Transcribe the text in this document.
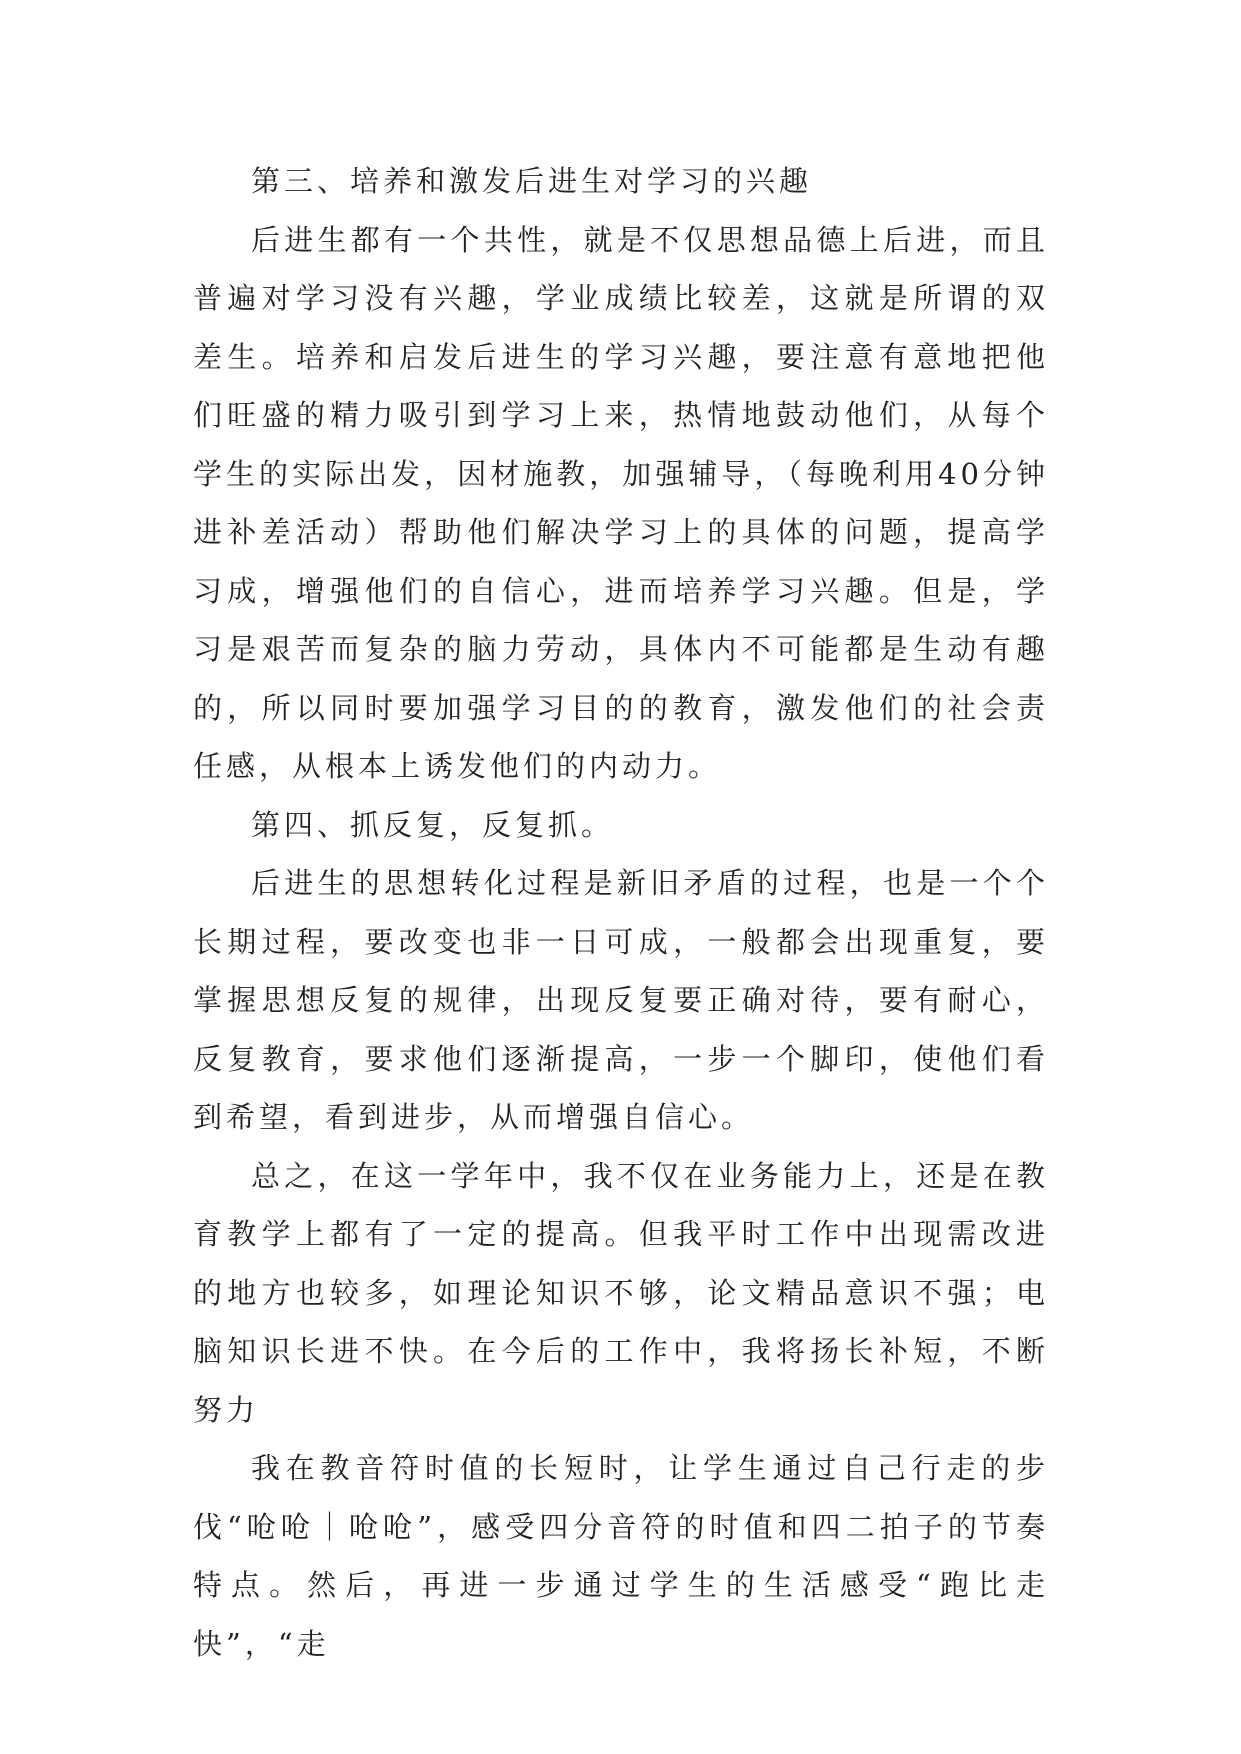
第三、培养和激发后进生对学习的兴趣

后进生都有一个共性，就是不仅思想品德上后进，而且普遍对学习没有兴趣，学业成绩比较差，这就是所谓的双差生。培养和启发后进生的学习兴趣，要注意有意地把他们旺盛的精力吸引到学习上来，热情地鼓动他们，从每个学生的实际出发，因材施教，加强辅导，（每晚利用40分钟进补差活动）帮助他们解决学习上的具体的问题，提高学习成，增强他们的自信心，进而培养学习兴趣。但是，学习是艰苦而复杂的脑力劳动，具体内不可能都是生动有趣的，所以同时要加强学习目的的教育，激发他们的社会责任感，从根本上诱发他们的内动力。

第四、抓反复，反复抓。

后进生的思想转化过程是新旧矛盾的过程，也是一个个长期过程，要改变也非一日可成，一般都会出现重复，要掌握思想反复的规律，出现反复要正确对待，要有耐心，反复教育，要求他们逐渐提高，一步一个脚印，使他们看到希望，看到进步，从而增强自信心。

总之，在这一学年中，我不仅在业务能力上，还是在教育教学上都有了一定的提高。但我平时工作中出现需改进的地方也较多，如理论知识不够，论文精品意识不强；电脑知识长进不快。在今后的工作中，我将扬长补短，不断努力

我在教音符时值的长短时，让学生通过自己行走的步伐“呛呛｜呛呛”，感受四分音符的时值和四二拍子的节奏特点。然后，再进一步通过学生的生活感受“跑比走快”，“走
